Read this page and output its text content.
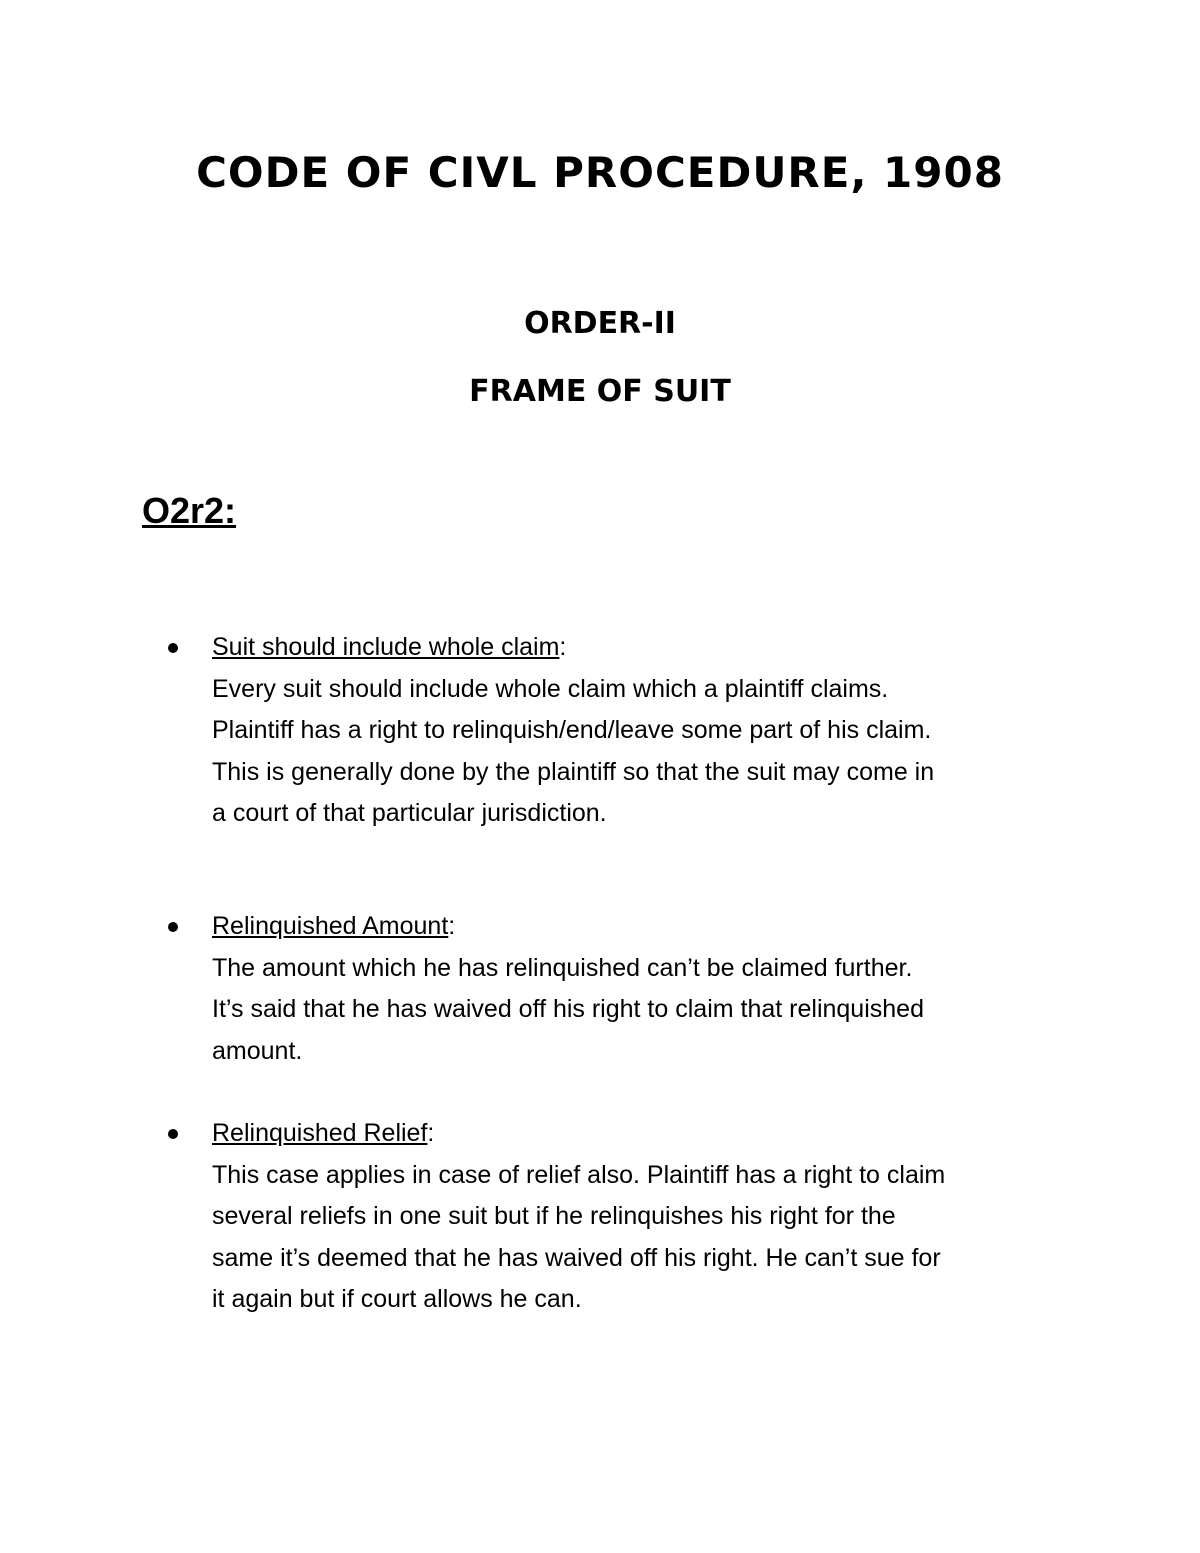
CODE OF CIVL PROCEDURE, 1908
ORDER-II
FRAME OF SUIT
O2r2:
Suit should include whole claim:
Every suit should include whole claim which a plaintiff claims.
Plaintiff has a right to relinquish/end/leave some part of his claim.
This is generally done by the plaintiff so that the suit may come in
a court of that particular jurisdiction.
Relinquished Amount:
The amount which he has relinquished can’t be claimed further.
It’s said that he has waived off his right to claim that relinquished
amount.
Relinquished Relief:
This case applies in case of relief also. Plaintiff has a right to claim
several reliefs in one suit but if he relinquishes his right for the
same it’s deemed that he has waived off his right. He can’t sue for
it again but if court allows he can.
